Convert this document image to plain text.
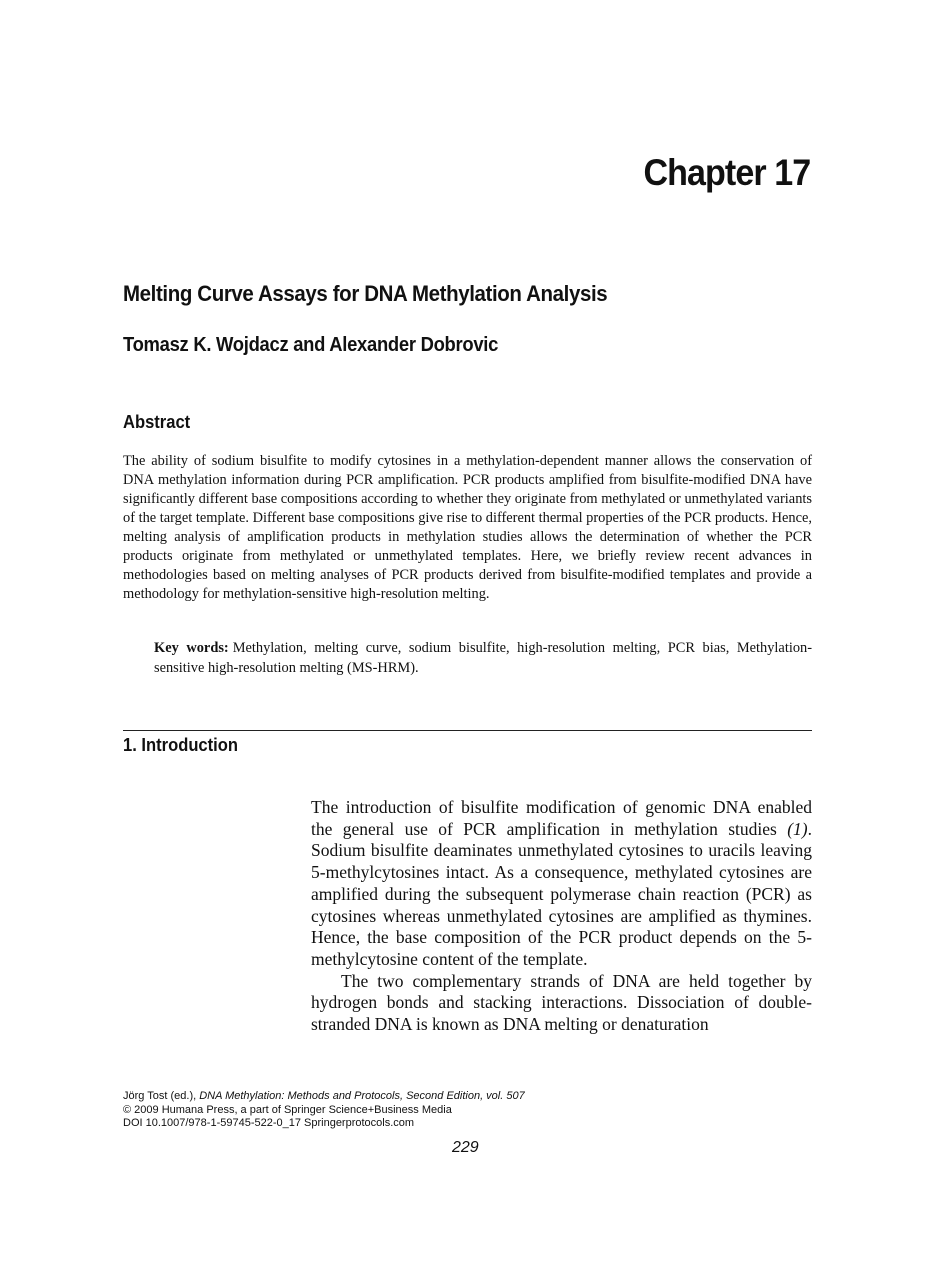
Chapter 17
Melting Curve Assays for DNA Methylation Analysis
Tomasz K. Wojdacz and Alexander Dobrovic
Abstract

The ability of sodium bisulfite to modify cytosines in a methylation-dependent manner allows the conservation of DNA methylation information during PCR amplification. PCR products amplified from bisulfite-modified DNA have significantly different base compositions according to whether they originate from methylated or unmethylated variants of the target template. Different base compositions give rise to different thermal properties of the PCR products. Hence, melting analysis of amplification products in methylation studies allows the determination of whether the PCR products originate from methylated or unmethylated templates. Here, we briefly review recent advances in methodologies based on melting analyses of PCR products derived from bisulfite-modified templates and provide a methodology for methylation-sensitive high-resolution melting.

Key words: Methylation, melting curve, sodium bisulfite, high-resolution melting, PCR bias, Methylation-sensitive high-resolution melting (MS-HRM).

1. Introduction

The introduction of bisulfite modification of genomic DNA enabled the general use of PCR amplification in methylation studies (1). Sodium bisulfite deaminates unmethylated cytosines to uracils leaving 5-methylcytosines intact. As a consequence, methylated cytosines are amplified during the subsequent polymerase chain reaction (PCR) as cytosines whereas unmethylated cytosines are amplified as thymines. Hence, the base composition of the PCR product depends on the 5-methylcytosine content of the template.

The two complementary strands of DNA are held together by hydrogen bonds and stacking interactions. Dissociation of double-stranded DNA is known as DNA melting or denaturation

Jörg Tost (ed.), DNA Methylation: Methods and Protocols, Second Edition, vol. 507
© 2009 Humana Press, a part of Springer Science+Business Media
DOI 10.1007/978-1-59745-522-0_17 Springerprotocols.com
229
